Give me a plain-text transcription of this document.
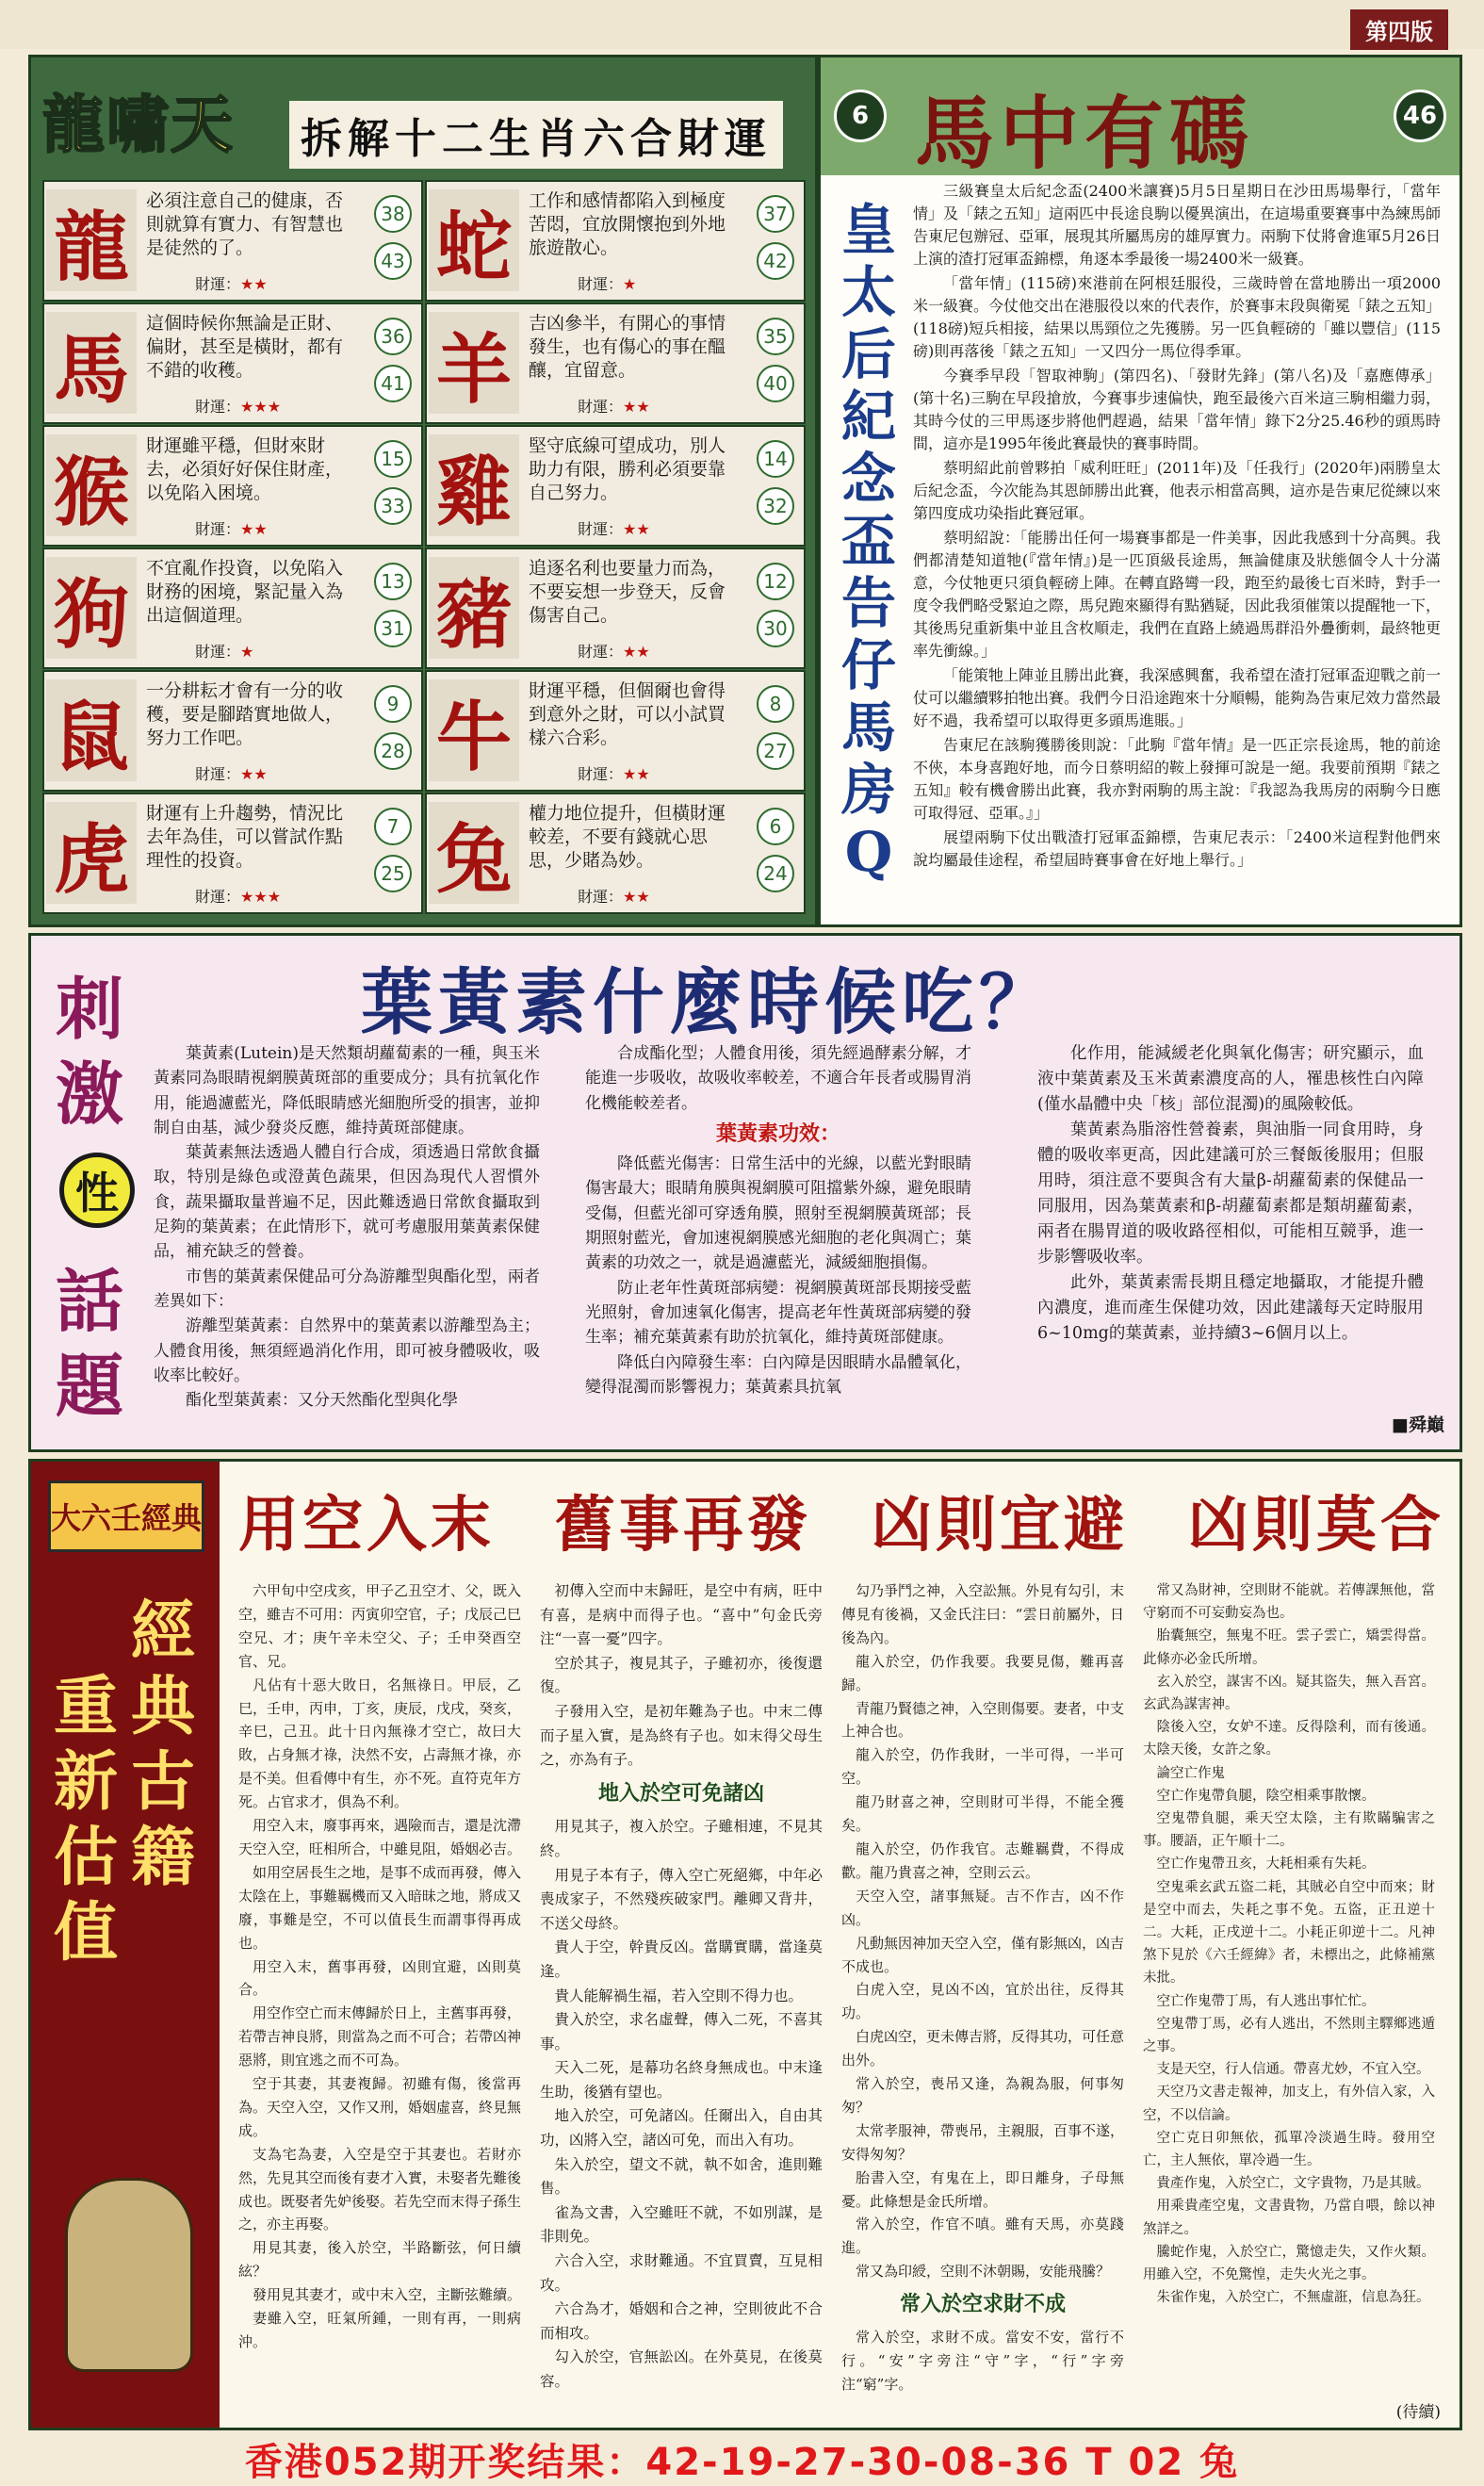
第四版
龍嘯天 拆解十二生肖六合財運
龍
必須注意自己的健康，否則就算有實力、有智慧也是徒然的了。
財運：★★
38
43 蛇
工作和感情都陷入到極度苦悶，宜放開懷抱到外地旅遊散心。
財運：★
37
42
馬
這個時候你無論是正財、偏財，甚至是橫財，都有不錯的收穫。
財運：★★★
36
41 羊
吉凶參半，有開心的事情發生，也有傷心的事在醞釀，宜留意。
財運：★★
35
40
猴
財運雖平穩，但財來財去，必須好好保住財產，以免陷入困境。
財運：★★
15
33 雞
堅守底線可望成功，別人助力有限，勝利必須要靠自己努力。
財運：★★
14
32
狗
不宜亂作投資，以免陷入財務的困境，緊記量入為出這個道理。
財運：★
13
31 豬
追逐名利也要量力而為，不要妄想一步登天，反會傷害自己。
財運：★★
12
30
鼠
一分耕耘才會有一分的收穫，要是腳踏實地做人，努力工作吧。
財運：★★
9
28 牛
財運平穩，但個爾也會得到意外之財，可以小試買樣六合彩。
財運：★★
8
27
虎
財運有上升趨勢，情況比去年為佳，可以嘗試作點理性的投資。
財運：★★★
7
25 兔
權力地位提升，但橫財運較差，不要有錢就心思思，少賭為妙。
財運：★★
6
24
6 馬中有碼	46
皇太后紀念盃告仔馬房Q

三級賽皇太后紀念盃(2400米讓賽)5月5日星期日在沙田馬場舉行，「當年情」及「錶之五知」這兩匹中長途良駒以優異演出，在這場重要賽事中為練馬師告東尼包辦冠、亞軍，展現其所屬馬房的雄厚實力。兩駒下仗將會進軍5月26日上演的渣打冠軍盃錦標，角逐本季最後一場2400米一級賽。

「當年情」(115磅)來港前在阿根廷服役，三歲時曾在當地勝出一項2000米一級賽。今仗他交出在港服役以來的代表作，於賽事末段與衛冕「錶之五知」(118磅)短兵相接，結果以馬頸位之先獲勝。另一匹負輕磅的「雖以豐信」(115磅)則再落後「錶之五知」一又四分一馬位得季軍。

今賽季早段「智取神駒」(第四名)、「發財先鋒」(第八名)及「嘉應傳承」(第十名)三駒在早段搶放，今賽事步速偏快，跑至最後六百米這三駒相繼力弱，其時今仗的三甲馬逐步將他們趕過，結果「當年情」錄下2分25.46秒的頭馬時間，這亦是1995年後此賽最快的賽事時間。

蔡明紹此前曾夥拍「威利旺旺」(2011年)及「任我行」(2020年)兩勝皇太后紀念盃，今次能為其恩師勝出此賽，他表示相當高興，這亦是告東尼從練以來第四度成功染指此賽冠軍。

蔡明紹說：「能勝出任何一場賽事都是一件美事，因此我感到十分高興。我們都清楚知道牠(『當年情』)是一匹頂級長途馬，無論健康及狀態個令人十分滿意，今仗牠更只須負輕磅上陣。在轉直路彎一段，跑至約最後七百米時，對手一度令我們略受緊迫之際，馬兒跑來顯得有點猶疑，因此我須催策以提醒牠一下，其後馬兒重新集中並且含枚順走，我們在直路上繞過馬群沿外疊衝刺，最終牠更率先衝線。」

「能策牠上陣並且勝出此賽，我深感興奮，我希望在渣打冠軍盃迎戰之前一仗可以繼續夥拍牠出賽。我們今日沿途跑來十分順暢，能夠為告東尼效力當然最好不過，我希望可以取得更多頭馬進賬。」

告東尼在該駒獲勝後則說：「此駒『當年情』是一匹正宗長途馬，牠的前途不俠，本身喜跑好地，而今日蔡明紹的鞍上發揮可說是一絕。我要前預期『錶之五知』較有機會勝出此賽，我亦對兩駒的馬主說：『我認為我馬房的兩駒今日應可取得冠、亞軍。』」

展望兩駒下仗出戰渣打冠軍盃錦標，告東尼表示：「2400米這程對他們來說均屬最佳途程，希望屆時賽事會在好地上舉行。」

刺
激
性
話
題
葉黃素什麼時候吃？

葉黃素(Lutein)是天然類胡蘿蔔素的一種，與玉米黃素同為眼睛視網膜黃斑部的重要成分；具有抗氧化作用，能過濾藍光，降低眼睛感光細胞所受的損害，並抑制自由基，減少發炎反應，維持黃斑部健康。

葉黃素無法透過人體自行合成，須透過日常飲食攝取，特別是綠色或澄黃色蔬果，但因為現代人習慣外食，蔬果攝取量普遍不足，因此難透過日常飲食攝取到足夠的葉黃素；在此情形下，就可考慮服用葉黃素保健品，補充缺乏的營養。

市售的葉黃素保健品可分為游離型與酯化型，兩者差異如下：

游離型葉黃素：自然界中的葉黃素以游離型為主；人體食用後，無須經過消化作用，即可被身體吸收，吸收率比較好。

酯化型葉黃素：又分天然酯化型與化學

合成酯化型；人體食用後，須先經過酵素分解，才能進一步吸收，故吸收率較差，不適合年長者或腸胃消化機能較差者。

葉黃素功效：

降低藍光傷害：日常生活中的光線，以藍光對眼睛傷害最大；眼睛角膜與視網膜可阻擋紫外線，避免眼睛受傷，但藍光卻可穿透角膜，照射至視網膜黃斑部；長期照射藍光，會加速視網膜感光細胞的老化與凋亡；葉黃素的功效之一，就是過濾藍光，減緩細胞損傷。

防止老年性黃斑部病變：視網膜黃斑部長期接受藍光照射，會加速氧化傷害，提高老年性黃斑部病變的發生率；補充葉黃素有助於抗氧化，維持黃斑部健康。

降低白內障發生率：白內障是因眼睛水晶體氧化，變得混濁而影響視力；葉黃素具抗氧

化作用，能減緩老化與氧化傷害；研究顯示，血液中葉黃素及玉米黃素濃度高的人，罹患核性白內障(僅水晶體中央「核」部位混濁)的風險較低。

葉黃素為脂溶性營養素，與油脂一同食用時，身體的吸收率更高，因此建議可於三餐飯後服用；但服用時，須注意不要與含有大量β-胡蘿蔔素的保健品一同服用，因為葉黃素和β-胡蘿蔔素都是類胡蘿蔔素，兩者在腸胃道的吸收路徑相似，可能相互競爭，進一步影響吸收率。

此外，葉黃素需長期且穩定地攝取，才能提升體內濃度，進而產生保健功效，因此建議每天定時服用6~10mg的葉黃素，並持續3~6個月以上。

■舜巔
大六壬經典
經典古籍
重新估值
用空入末 舊事再發 凶則宜避 凶則莫合

六甲旬中空戌亥，甲子乙丑空才、父，既入空，雖吉不可用：丙寅卯空官，子；戊辰己巳空兄、才；庚午辛未空父、子；壬申癸酉空官、兄。

凡佔有十惡大敗日，名無祿日。甲辰，乙巳，壬申，丙申，丁亥，庚辰，戊戌，癸亥，辛巳，己丑。此十日內無祿才空亡，故曰大敗，占身無才祿，決然不安，占壽無才祿，亦是不美。但看傳中有生，亦不死。直符克年方死。占官求才，俱為不利。

用空入末，廢事再來，遇險而吉，還是沈滯天空入空，旺相所合，中雖見阻，婚姻必吉。

如用空居長生之地，是事不成而再發，傳入太陰在上，事難羈機而又入暗昧之地，將成又廢，事難是空，不可以值長生而謂事得再成也。

用空入末，舊事再發，凶則宜避，凶則莫合。

用空作空亡而末傳歸於日上，主舊事再發，若帶吉神良將，則當為之而不可合；若帶凶神惡將，則宜逃之而不可為。

空于其妻，其妻複歸。初雖有傷，後當再為。天空入空，又作又刑，婚姻虛喜，終見無成。

支為宅為妻，入空是空于其妻也。若財亦然，先見其空而後有妻才入實，未娶者先難後成也。既娶者先妒後娶。若先空而末得子孫生之，亦主再娶。

用見其妻，後入於空，半路斷弦，何日續絃？

發用見其妻才，或中末入空，主斷弦難續。

妻雖入空，旺氣所鍾，一則有再，一則病沖。

初傳入空而中末歸旺，是空中有病，旺中有喜，是病中而得子也。“喜中”句金氏旁注“一喜一憂”四字。

空於其子，複見其子，子雖初亦，後復還復。

子發用入空，是初年難為子也。中末二傳而子星入實，是為終有子也。如末得父母生之，亦為有子。

地入於空可免諸凶

用見其子，複入於空。子雖相連，不見其終。

用見子本有子，傳入空亡死絕鄉，中年必喪成家子，不然殘疾破家門。離卿又背井，不送父母終。

貴人于空，幹貴反凶。當購實購，當逢莫逢。

貴人能解禍生福，若入空則不得力也。

貴入於空，求名虛聲，傳入二死，不喜其事。

天入二死，是幕功名終身無成也。中末逢生助，後猶有望也。

地入於空，可免諸凶。任爾出入，自由其功，凶將入空，諸凶可免，而出入有功。

朱入於空，望文不就，執不如舍，進則難售。

雀為文書，入空雖旺不就，不如別謀，是非則免。

六合入空，求財難通。不宜買賣，互見相攻。

六合為才，婚姻和合之神，空則彼此不合而相攻。

勾入於空，官無訟凶。在外莫見，在後莫容。

勾乃爭鬥之神，入空訟無。外見有勾引，末傳見有後禍，又金氏注曰：“雲日前屬外，日後為內。

龍入於空，仍作我要。我要見傷，難再喜歸。

青龍乃賢德之神，入空則傷要。妻者，中支上神合也。

龍入於空，仍作我財，一半可得，一半可空。

龍乃財喜之神，空則財可半得，不能全獲矣。

龍入於空，仍作我官。志難羈費，不得成歡。龍乃貴喜之神，空則云云。

天空入空，諸事無疑。吉不作吉，凶不作凶。

凡動無因神加天空入空，僅有影無凶，凶吉不成也。

白虎入空，見凶不凶，宜於出往，反得其功。

白虎凶空，更未傳吉將，反得其功，可任意出外。

常入於空，喪吊又逢，為親為服，何事匆匆？

太常孝服神，帶喪吊，主親服，百事不遂，安得匆匆？

胎書入空，有鬼在上，即日離身，子母無憂。此條想是金氏所增。

常入於空，作官不嗔。雖有天馬，亦莫踐進。

常又為印綬，空則不沐朝賜，安能飛騰？

常入於空求財不成

常入於空，求財不成。當安不安，當行不行。“安”字旁注“守”字，“行”字旁注“窮”字。

常又為財神，空則財不能就。若傳課無他，當守窮而不可妄動妄為也。

胎囊無空，無鬼不旺。雲子雲亡，矯雲得當。此條亦必金氏所增。

玄入於空，謀害不凶。疑其盜失，無入吾宮。玄武為謀害神。

陰後入空，女妒不達。反得陰利，而有後通。太陰天後，女許之象。

論空亡作鬼

空亡作鬼帶負腿，陰空相乘事散懷。

空鬼帶負腿，乘天空太陰，主有欺瞞騙害之事。腰語，正午順十二。

空亡作鬼帶丑亥，大耗相乘有失耗。

空鬼乘玄武五盜二耗，其賊必自空中而來；財是空中而去，失耗之事不免。五盜，正丑逆十二。大耗，正戌逆十二。小耗正卯逆十二。凡神煞下見於《六壬經緯》者，未標出之，此條補黨未批。

空亡作鬼帶丁馬，有人逃出事忙忙。

空鬼帶丁馬，必有人逃出，不然則主驛鄉逃遁之事。

支是天空，行人信通。帶喜尤妙，不宜入空。

天空乃文書走報神，加支上，有外信入家，入空，不以信論。

空亡克日卯無依，孤單冷淡過生時。發用空亡，主人無依，單冷過一生。

貴產作鬼，入於空亡，文字貴物，乃是其賊。

用乘貴產空鬼，文書貴物，乃當自喂，餘以神煞詳之。

騰蛇作鬼，入於空亡，驚憶走失，又作火類。用雖入空，不免驚惶，走失火光之事。

朱雀作鬼，入於空亡，不無虛誑，信息為狂。

(待續)
香港052期开奖结果：42-19-27-30-08-36 T 02 兔
